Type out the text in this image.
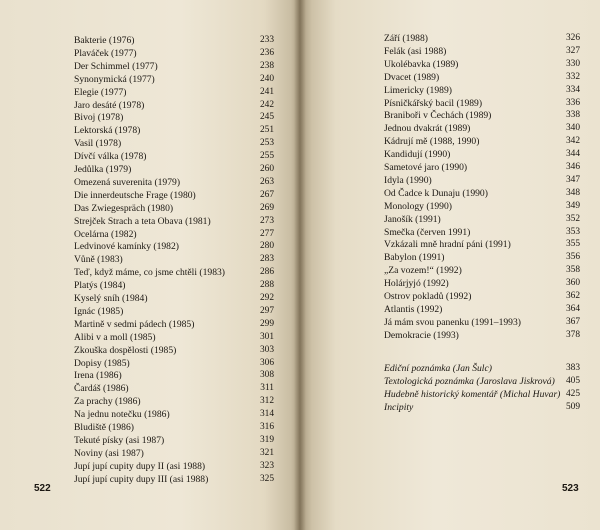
522
Bakterie (1976)	233
Plaváček (1977)	236
Der Schimmel (1977)	238
Synonymická (1977)	240
Elegie (1977)	241
Jaro desáté (1978)	242
Bivoj (1978)	245
Lektorská (1978)	251
Vasil (1978)	253
Dívčí válka (1978)	255
Jedůlka (1979)	260
Omezená suverenita (1979)	263
Die innerdeutsche Frage (1980)	267
Das Zwiegespräch (1980)	269
Strejček Strach a teta Obava (1981)	273
Ocelárna (1982)	277
Ledvinové kamínky (1982)	280
Vůně (1983)	283
Teď, když máme, co jsme chtěli (1983)	286
Platýs (1984)	288
Kyselý sníh (1984)	292
Ignác (1985)	297
Martině v sedmi pádech (1985)	299
Alibi v a moll (1985)	301
Zkouška dospělosti (1985)	303
Dopisy (1985)	306
Irena (1986)	308
Čardáš (1986)	311
Za prachy (1986)	312
Na jednu notečku (1986)	314
Bludiště (1986)	316
Tekuté písky (asi 1987)	319
Noviny (asi 1987)	321
Jupí jupí cupity dupy II (asi 1988)	323
Jupí jupí cupity dupy III (asi 1988)	325
523
Září (1988)	326
Felák (asi 1988)	327
Ukolébavka (1989)	330
Dvacet (1989)	332
Limericky (1989)	334
Písničkářský bacil (1989)	336
Braniboři v Čechách (1989)	338
Jednou dvakrát (1989)	340
Kádrují mě (1988, 1990)	342
Kandidují (1990)	344
Sametové jaro (1990)	346
Idyla (1990)	347
Od Čadce k Dunaju (1990)	348
Monology (1990)	349
Janošík (1991)	352
Smečka (červen 1991)	353
Vzkázali mně hradní páni (1991)	355
Babylon (1991)	356
„Za vozem!“ (1992)	358
Holárjyjó (1992)	360
Ostrov pokladů (1992)	362
Atlantis (1992)	364
Já mám svou panenku (1991–1993)	367
Demokracie (1993)	378
Ediční poznámka (Jan Šulc)	383
Textologická poznámka (Jaroslava Jiskrová) 405
Hudebně historický komentář (Michal Huvar) 425
Incipity	509
